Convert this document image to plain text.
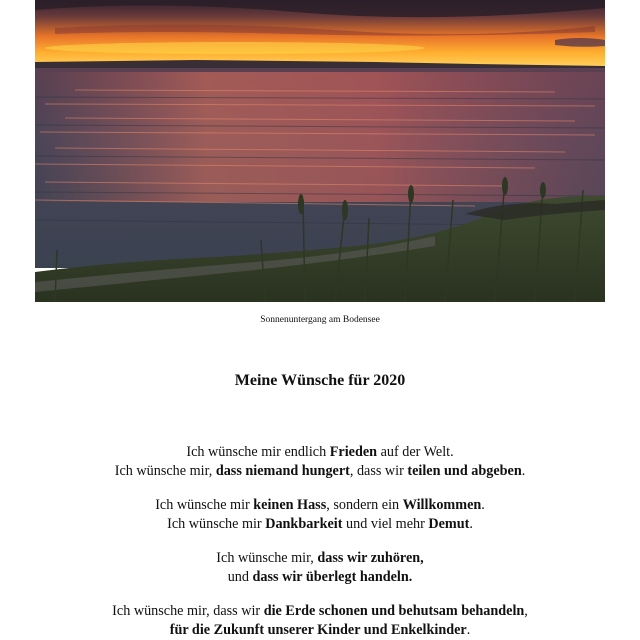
Sonnenuntergang am Bodensee
Meine Wünsche für 2020
Ich wünsche mir endlich Frieden auf der Welt.
Ich wünsche mir, dass niemand hungert, dass wir teilen und abgeben.
Ich wünsche mir keinen Hass, sondern ein Willkommen.
Ich wünsche mir Dankbarkeit und viel mehr Demut.
Ich wünsche mir, dass wir zuhören,
und dass wir überlegt handeln.
Ich wünsche mir, dass wir die Erde schonen und behutsam behandeln,
für die Zukunft unserer Kinder und Enkelkinder.
